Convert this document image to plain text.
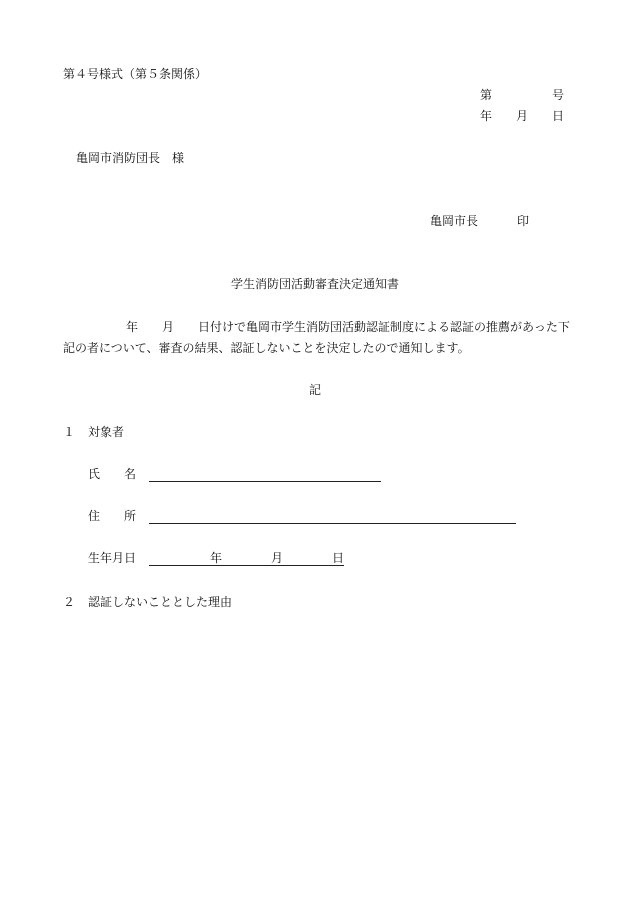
第４号様式（第５条関係）
第	号
年 月 日
亀岡市消防団長　様
亀岡市長	印
学生消防団活動審査決定通知書
年 月 日付けで亀岡市学生消防団活動認証制度による認証の推薦があった下
記の者について、審査の結果、認証しないことを決定したので通知します。
記
１ 対象者
氏 名
住 所
生年月日	年	月	日
２ 認証しないこととした理由
